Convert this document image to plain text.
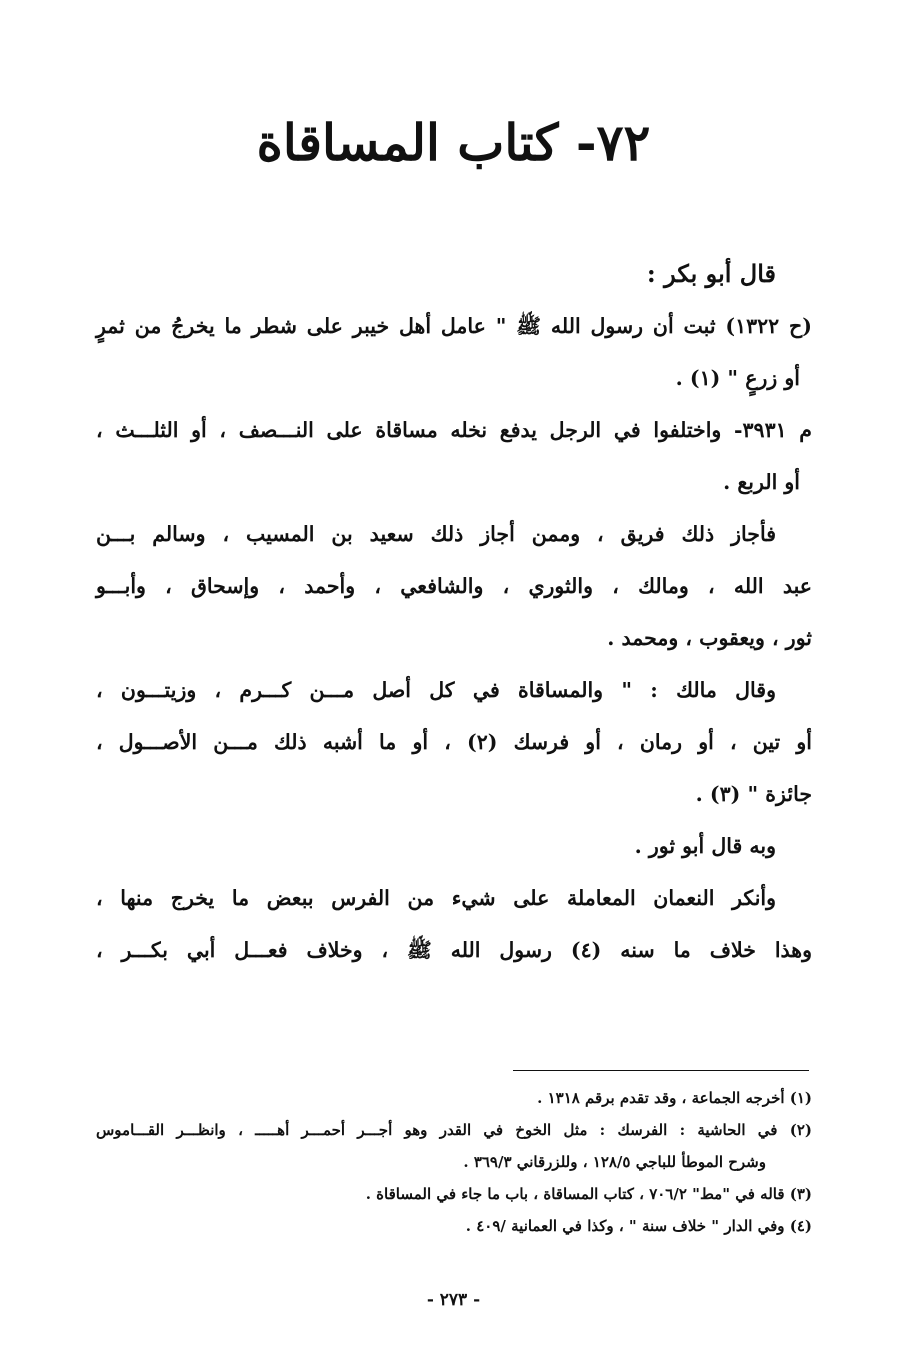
٧٢- كتاب المساقاة
قال أبو بكر :
(ح ١٣٢٢) ثبت أن رسول الله ﷺ " عامل أهل خيبر على شطر ما يخرجُ من ثمرٍ
أو زرعٍ " (١) .
م ٣٩٣١- واختلفوا في الرجل يدفع نخله مساقاة على النـــصف ، أو الثلـــث ،
أو الربع .
فأجاز ذلك فريق ، وممن أجاز ذلك سعيد بن المسيب ، وسالم بـــن
عبد الله ، ومالك ، والثوري ، والشافعي ، وأحمد ، وإسحاق ، وأبـــو
ثور ، ويعقوب ، ومحمد .
وقال مالك : " والمساقاة في كل أصل مـــن كـــرم ، وزيتـــون ،
أو تين ، أو رمان ، أو فرسك (٢) ، أو ما أشبه ذلك مـــن الأصـــول ،
جائزة " (٣) .
وبه قال أبو ثور .
وأنكر النعمان المعاملة على شيء من الفرس ببعض ما يخرج منها ،
وهذا خلاف ما سنه (٤) رسول الله ﷺ ، وخلاف فعـــل أبي بكـــر ،
(١) أخرجه الجماعة ، وقد تقدم برقم ١٣١٨ .
(٢) في الحاشية : الفرسك : مثل الخوخ في القدر وهو أجـــر أحمـــر أهـــــ ، وانظـــر القـــاموس
وشرح الموطأ للباجي ١٢٨/٥ ، وللزرقاني ٣٦٩/٣ .
(٣) قاله في "مط" ٧٠٦/٢ ، كتاب المساقاة ، باب ما جاء في المساقاة .
(٤) وفي الدار " خلاف سنة " ، وكذا في العمانية /٤٠٩ .
- ٢٧٣ -
